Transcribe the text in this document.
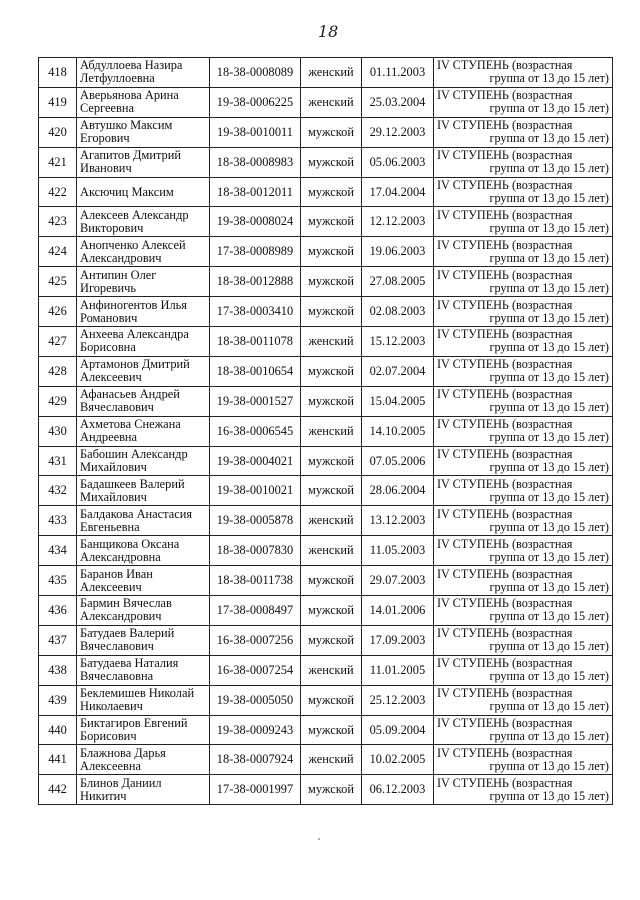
18
418	Абдуллоева Назира Летфуллоевна	18-38-0008089	женский	01.11.2003	IV СТУПЕНЬ (возрастная
группа от 13 до 15 лет)

419	Аверьянова Арина Сергеевна	19-38-0006225	женский	25.03.2004	IV СТУПЕНЬ (возрастная
группа от 13 до 15 лет)

420	Автушко Максим Егорович	19-38-0010011	мужской	29.12.2003	IV СТУПЕНЬ (возрастная
группа от 13 до 15 лет)

421	Агапитов Дмитрий Иванович	18-38-0008983	мужской	05.06.2003	IV СТУПЕНЬ (возрастная
группа от 13 до 15 лет)

422	Аксючиц Максим	18-38-0012011	мужской	17.04.2004	IV СТУПЕНЬ (возрастная
группа от 13 до 15 лет)

423	Алексеев Александр Викторович	19-38-0008024	мужской	12.12.2003	IV СТУПЕНЬ (возрастная
группа от 13 до 15 лет)

424	Анопченко Алексей Александрович	17-38-0008989	мужской	19.06.2003	IV СТУПЕНЬ (возрастная
группа от 13 до 15 лет)

425	Антипин Олег Игоревичь	18-38-0012888	мужской	27.08.2005	IV СТУПЕНЬ (возрастная
группа от 13 до 15 лет)

426	Анфиногентов Илья Романович	17-38-0003410	мужской	02.08.2003	IV СТУПЕНЬ (возрастная
группа от 13 до 15 лет)

427	Анхеева Александра Борисовна	18-38-0011078	женский	15.12.2003	IV СТУПЕНЬ (возрастная
группа от 13 до 15 лет)

428	Артамонов Дмитрий Алексеевич	18-38-0010654	мужской	02.07.2004	IV СТУПЕНЬ (возрастная
группа от 13 до 15 лет)

429	Афанасьев Андрей Вячеславович	19-38-0001527	мужской	15.04.2005	IV СТУПЕНЬ (возрастная
группа от 13 до 15 лет)

430	Ахметова Снежана Андреевна	16-38-0006545	женский	14.10.2005	IV СТУПЕНЬ (возрастная
группа от 13 до 15 лет)

431	Бабошин Александр Михайлович	19-38-0004021	мужской	07.05.2006	IV СТУПЕНЬ (возрастная
группа от 13 до 15 лет)

432	Бадашкеев Валерий Михайлович	19-38-0010021	мужской	28.06.2004	IV СТУПЕНЬ (возрастная
группа от 13 до 15 лет)

433	Балдакова Анастасия Евгеньевна	19-38-0005878	женский	13.12.2003	IV СТУПЕНЬ (возрастная
группа от 13 до 15 лет)

434	Банщикова Оксана Александровна	18-38-0007830	женский	11.05.2003	IV СТУПЕНЬ (возрастная
группа от 13 до 15 лет)

435	Баранов Иван Алексеевич	18-38-0011738	мужской	29.07.2003	IV СТУПЕНЬ (возрастная
группа от 13 до 15 лет)

436	Бармин Вячеслав Александрович	17-38-0008497	мужской	14.01.2006	IV СТУПЕНЬ (возрастная
группа от 13 до 15 лет)

437	Батудаев Валерий Вячеславович	16-38-0007256	мужской	17.09.2003	IV СТУПЕНЬ (возрастная
группа от 13 до 15 лет)

438	Батудаева Наталия Вячеславовна	16-38-0007254	женский	11.01.2005	IV СТУПЕНЬ (возрастная
группа от 13 до 15 лет)

439	Беклемишев Николай Николаевич	19-38-0005050	мужской	25.12.2003	IV СТУПЕНЬ (возрастная
группа от 13 до 15 лет)

440	Биктагиров Евгений Борисович	19-38-0009243	мужской	05.09.2004	IV СТУПЕНЬ (возрастная
группа от 13 до 15 лет)

441	Блажнова Дарья Алексеевна	18-38-0007924	женский	10.02.2005	IV СТУПЕНЬ (возрастная
группа от 13 до 15 лет)

442	Блинов Даниил Никитич	17-38-0001997	мужской	06.12.2003	IV СТУПЕНЬ (возрастная
группа от 13 до 15 лет)
